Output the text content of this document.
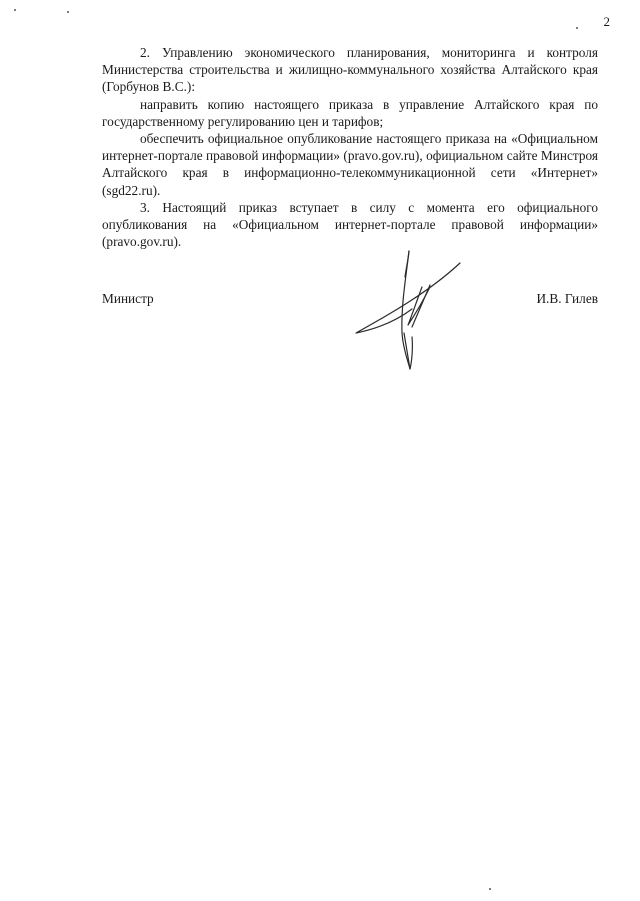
2

2. Управлению экономического планирования, мониторинга и контроля Министерства строительства и жилищно-коммунального хозяйства Алтайского края (Горбунов В.С.):

направить копию настоящего приказа в управление Алтайского края по государственному регулированию цен и тарифов;

обеспечить официальное опубликование настоящего приказа на «Официальном интернет-портале правовой информации» (pravo.gov.ru), официальном сайте Минстроя Алтайского края в информационно-телекоммуникационной сети «Интернет» (sgd22.ru).

3. Настоящий приказ вступает в силу с момента его официального опубликования на «Официальном интернет-портале правовой информации» (pravo.gov.ru).

Министр	И.В. Гилев
